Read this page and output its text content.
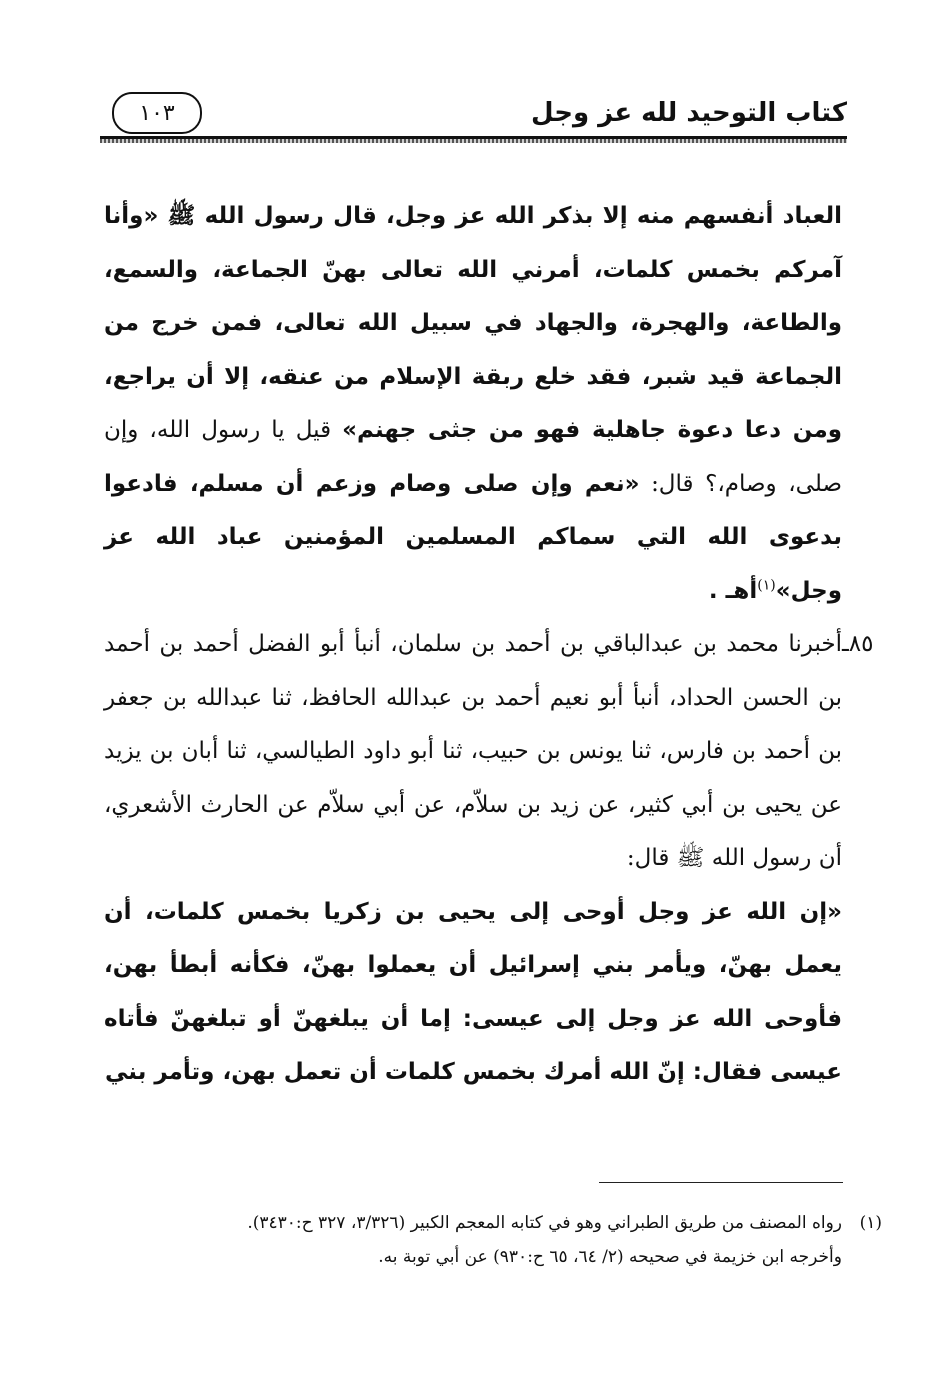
كتاب التوحيد لله عز وجل
١٠٣

العباد أنفسهم منه إلا بذكر الله عز وجل، قال رسول الله ﷺ «وأنا آمركم بخمس كلمات، أمرني الله تعالى بهنّ الجماعة، والسمع، والطاعة، والهجرة، والجهاد في سبيل الله تعالى، فمن خرج من الجماعة قيد شبر، فقد خلع ربقة الإسلام من عنقه، إلا أن يراجع، ومن دعا دعوة جاهلية فهو من جثى جهنم» قيل يا رسول الله، وإن صلى، وصام،؟ قال: «نعم وإن صلى وصام وزعم أن مسلم، فادعوا بدعوى الله التي سماكم المسلمين المؤمنين عباد الله عز وجل»$^{(١)}$أهـ .

٨٥ـ

أخبرنا محمد بن عبدالباقي بن أحمد بن سلمان، أنبأ أبو الفضل أحمد بن أحمد بن الحسن الحداد، أنبأ أبو نعيم أحمد بن عبدالله الحافظ، ثنا عبدالله بن جعفر بن أحمد بن فارس، ثنا يونس بن حبيب، ثنا أبو داود الطيالسي، ثنا أبان بن يزيد عن يحيى بن أبي كثير، عن زيد بن سلاّم، عن أبي سلاّم عن الحارث الأشعري، أن رسول الله ﷺ قال:

«إن الله عز وجل أوحى إلى يحيى بن زكريا بخمس كلمات، أن يعمل بهنّ، ويأمر بني إسرائيل أن يعملوا بهنّ، فكأنه أبطأ بهن، فأوحى الله عز وجل إلى عيسى: إما أن يبلغهنّ أو تبلغهنّ فأتاه عيسى فقال: إنّ الله أمرك بخمس كلمات أن تعمل بهن، وتأمر بني

(١)

رواه المصنف من طريق الطبراني وهو في كتابه المعجم الكبير (٣/٣٢٦، ٣٢٧ ح:٣٤٣٠).

وأخرجه ابن خزيمة في صحيحه (٢/ ٦٤، ٦٥ ح:٩٣٠) عن أبي توبة به.
